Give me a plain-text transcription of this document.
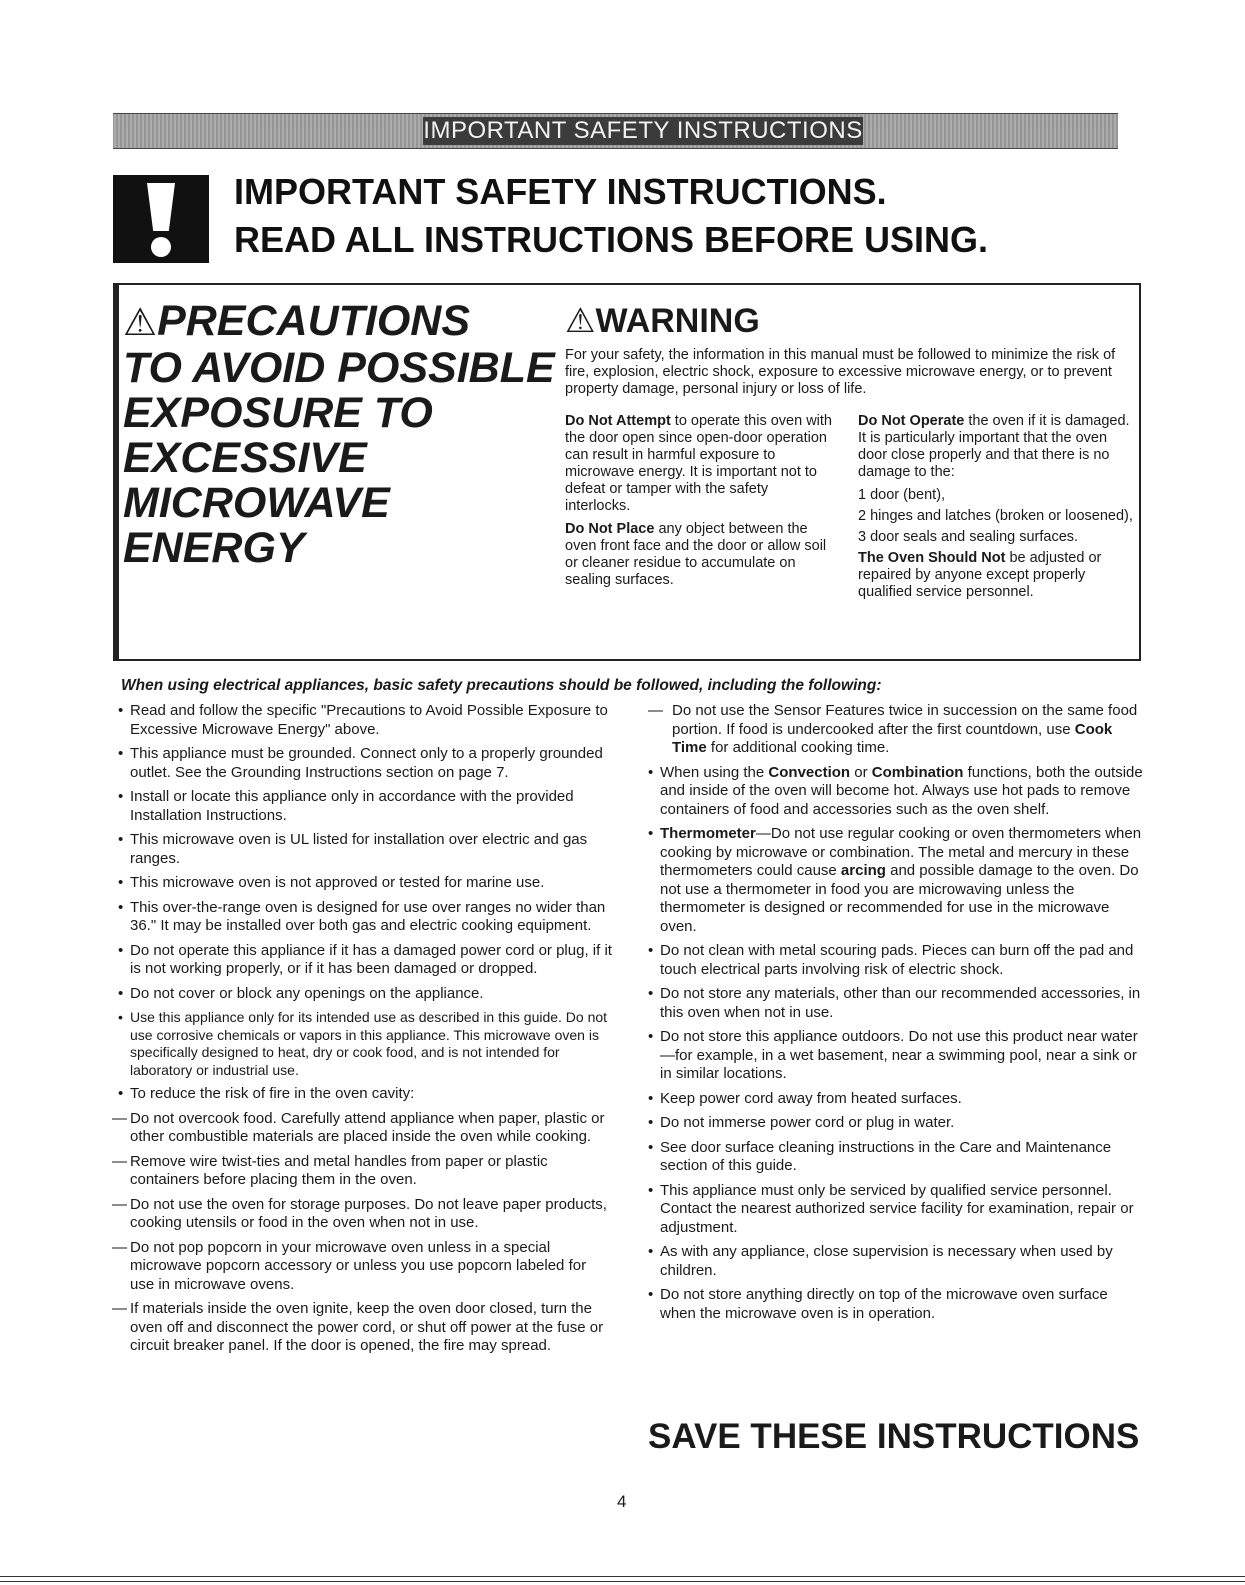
IMPORTANT SAFETY INSTRUCTIONS
IMPORTANT SAFETY INSTRUCTIONS.
READ ALL INSTRUCTIONS BEFORE USING.
⚠PRECAUTIONS
TO AVOID POSSIBLE
EXPOSURE TO
EXCESSIVE MICROWAVE
ENERGY
⚠WARNING
For your safety, the information in this manual must be followed to minimize the risk of fire, explosion, electric shock, exposure to excessive microwave energy, or to prevent property damage, personal injury or loss of life.

Do Not Attempt to operate this oven with the door open since open-door operation can result in harmful exposure to microwave energy. It is important not to defeat or tamper with the safety interlocks.

Do Not Place any object between the oven front face and the door or allow soil or cleaner residue to accumulate on sealing surfaces.

Do Not Operate the oven if it is damaged. It is particularly important that the oven door close properly and that there is no damage to the:

1 door (bent),
2 hinges and latches (broken or loosened),
3 door seals and sealing surfaces.

The Oven Should Not be adjusted or repaired by anyone except properly qualified service personnel.

When using electrical appliances, basic safety precautions should be followed, including the following:
• Read and follow the specific "Precautions to Avoid Possible Exposure to Excessive Microwave Energy" above.
• This appliance must be grounded. Connect only to a properly grounded outlet. See the Grounding Instructions section on page 7.
• Install or locate this appliance only in accordance with the provided Installation Instructions.
• This microwave oven is UL listed for installation over electric and gas ranges.
• This microwave oven is not approved or tested for marine use.
• This over-the-range oven is designed for use over ranges no wider than 36." It may be installed over both gas and electric cooking equipment.
• Do not operate this appliance if it has a damaged power cord or plug, if it is not working properly, or if it has been damaged or dropped.
• Do not cover or block any openings on the appliance.
• Use this appliance only for its intended use as described in this guide. Do not use corrosive chemicals or vapors in this appliance. This microwave oven is specifically designed to heat, dry or cook food, and is not intended for laboratory or industrial use.
• To reduce the risk of fire in the oven cavity:
— Do not overcook food. Carefully attend appliance when paper, plastic or other combustible materials are placed inside the oven while cooking.
— Remove wire twist-ties and metal handles from paper or plastic containers before placing them in the oven.
— Do not use the oven for storage purposes. Do not leave paper products, cooking utensils or food in the oven when not in use.
— Do not pop popcorn in your microwave oven unless in a special microwave popcorn accessory or unless you use popcorn labeled for use in microwave ovens.
— If materials inside the oven ignite, keep the oven door closed, turn the oven off and disconnect the power cord, or shut off power at the fuse or circuit breaker panel. If the door is opened, the fire may spread.
— Do not use the Sensor Features twice in succession on the same food portion. If food is undercooked after the first countdown, use Cook Time for additional cooking time.
• When using the Convection or Combination functions, both the outside and inside of the oven will become hot. Always use hot pads to remove containers of food and accessories such as the oven shelf.
• Thermometer—Do not use regular cooking or oven thermometers when cooking by microwave or combination. The metal and mercury in these thermometers could cause arcing and possible damage to the oven. Do not use a thermometer in food you are microwaving unless the thermometer is designed or recommended for use in the microwave oven.
• Do not clean with metal scouring pads. Pieces can burn off the pad and touch electrical parts involving risk of electric shock.
• Do not store any materials, other than our recommended accessories, in this oven when not in use.
• Do not store this appliance outdoors. Do not use this product near water—for example, in a wet basement, near a swimming pool, near a sink or in similar locations.
• Keep power cord away from heated surfaces.
• Do not immerse power cord or plug in water.
• See door surface cleaning instructions in the Care and Maintenance section of this guide.
• This appliance must only be serviced by qualified service personnel. Contact the nearest authorized service facility for examination, repair or adjustment.
• As with any appliance, close supervision is necessary when used by children.
• Do not store anything directly on top of the microwave oven surface when the microwave oven is in operation.
SAVE THESE INSTRUCTIONS
4
